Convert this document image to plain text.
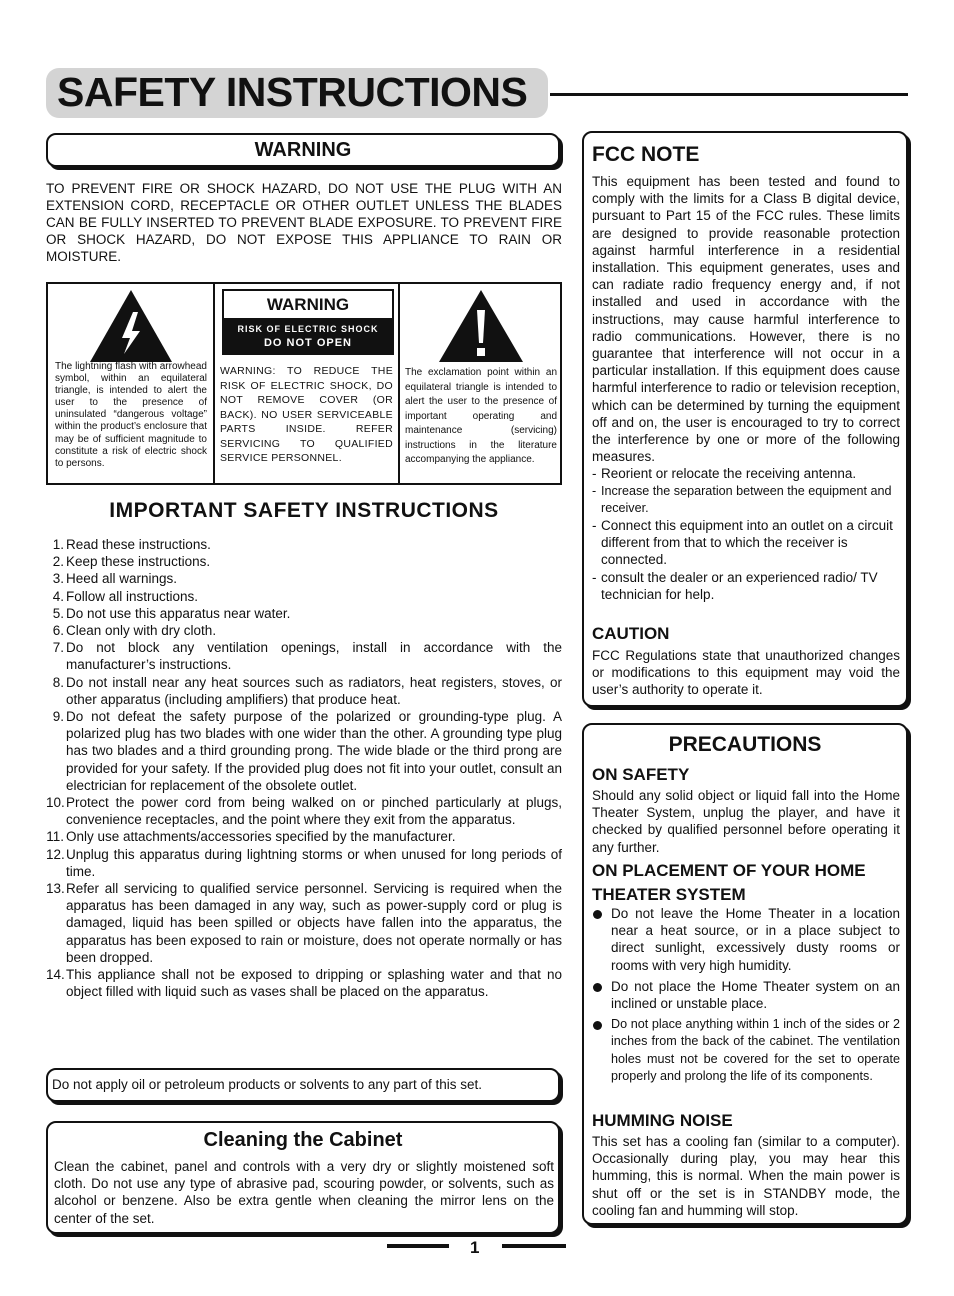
SAFETY INSTRUCTIONS
WARNING
TO PREVENT FIRE OR SHOCK HAZARD, DO NOT USE THE PLUG WITH AN EXTENSION CORD, RECEPTACLE OR OTHER OUTLET UNLESS THE BLADES CAN BE FULLY INSERTED TO PREVENT BLADE EXPOSURE. TO PREVENT FIRE OR SHOCK HAZARD, DO NOT EXPOSE THIS APPLIANCE TO RAIN OR MOISTURE.
The lightning flash with arrowhead symbol, within an equilateral triangle, is intended to alert the user to the presence of uninsulated “dangerous voltage” within the product’s enclosure that may be of sufficient magnitude to constitute a risk of electric shock to persons.
WARNING
RISK OF ELECTRIC SHOCK
DO NOT OPEN
WARNING: TO REDUCE THE RISK OF ELECTRIC SHOCK, DO NOT REMOVE COVER (OR BACK). NO USER SERVICEABLE PARTS INSIDE. REFER SERVICING TO QUALIFIED SERVICE PERSONNEL.
The exclamation point within an equilateral triangle is intended to alert the user to the presence of important operating and maintenance (servicing) instructions in the literature accompanying the appliance.
IMPORTANT SAFETY INSTRUCTIONS
1. Read these instructions.
2. Keep these instructions.
3. Heed all warnings.
4. Follow all instructions.
5. Do not use this apparatus near water.
6. Clean only with dry cloth.
7. Do not block any ventilation openings, install in accordance with the manufacturer’s instructions.
8. Do not install near any heat sources such as radiators, heat registers, stoves, or other apparatus (including amplifiers) that produce heat.
9. Do not defeat the safety purpose of the polarized or grounding-type plug. A polarized plug has two blades with one wider than the other. A grounding type plug has two blades and a third grounding prong. The wide blade or the third prong are provided for your safety. If the provided plug does not fit into your outlet, consult an electrician for replacement of the obsolete outlet.
10. Protect the power cord from being walked on or pinched particularly at plugs, convenience receptacles, and the point where they exit from the apparatus.
11. Only use attachments/accessories specified by the manufacturer.
12. Unplug this apparatus during lightning storms or when unused for long periods of time.
13. Refer all servicing to qualified service personnel. Servicing is required when the apparatus has been damaged in any way, such as power-supply cord or plug is damaged, liquid has been spilled or objects have fallen into the apparatus, the apparatus has been exposed to rain or moisture, does not operate normally or has been dropped.
14. This appliance shall not be exposed to dripping or splashing water and that no object filled with liquid such as vases shall be placed on the apparatus.
Do not apply oil or petroleum products or solvents to any part of this set.
Cleaning the Cabinet
Clean the cabinet, panel and controls with a very dry or slightly moistened soft cloth. Do not use any type of abrasive pad, scouring powder, or solvents, such as alcohol or benzene. Also be extra gentle when cleaning the mirror lens on the center of the set.
1
FCC NOTE
This equipment has been tested and found to comply with the limits for a Class B digital device, pursuant to Part 15 of the FCC rules. These limits are designed to provide reasonable protection against harmful interference in a residential installation. This equipment generates, uses and can radiate radio frequency energy and, if not installed and used in accordance with the instructions, may cause harmful interference to radio communications. However, there is no guarantee that interference will not occur in a particular installation. If this equipment does cause harmful interference to radio or television reception, which can be determined by turning the equipment off and on, the user is encouraged to try to correct the interference by one or more of the following measures.
- Reorient or relocate the receiving antenna.
- Increase the separation between the equipment and receiver.
- Connect this equipment into an outlet on a circuit different from that to which the receiver is connected.
- consult the dealer or an experienced radio/ TV technician for help.
CAUTION
FCC Regulations state that unauthorized changes or modifications to this equipment may void the user’s authority to operate it.
PRECAUTIONS
ON SAFETY
Should any solid object or liquid fall into the Home Theater System, unplug the player, and have it checked by qualified personnel before operating it any further.
ON PLACEMENT OF YOUR HOME THEATER SYSTEM
Do not leave the Home Theater in a location near a heat source, or in a place subject to direct sunlight, excessively dusty rooms or rooms with very high humidity.
Do not place the Home Theater system on an inclined or unstable place.
Do not place anything within 1 inch of the sides or 2 inches from the back of the cabinet. The ventilation holes must not be covered for the set to operate properly and prolong the life of its components.
HUMMING NOISE
This set has a cooling fan (similar to a computer). Occasionally during play, you may hear this humming, this is normal. When the main power is shut off or the set is in STANDBY mode, the cooling fan and humming will stop.
